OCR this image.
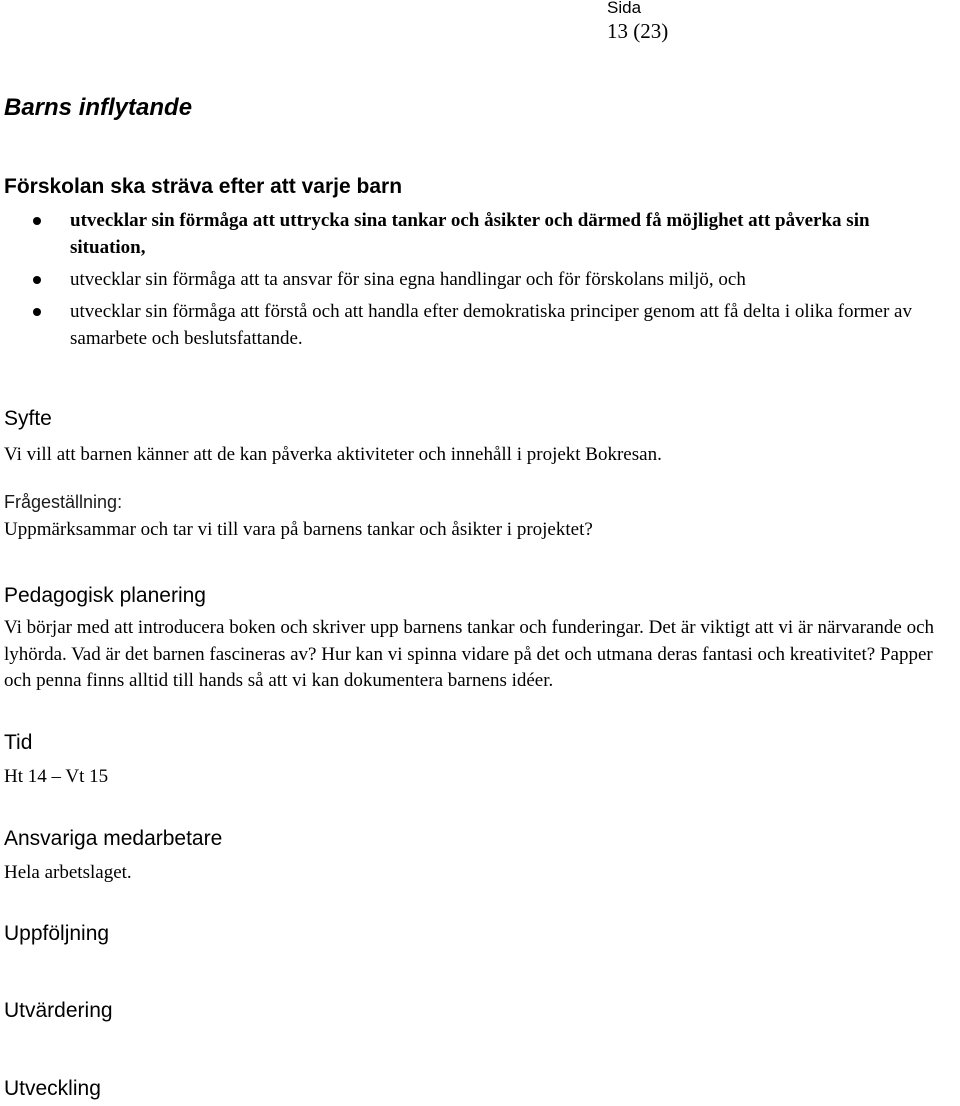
Sida
13 (23)
Barns inflytande
Förskolan ska sträva efter att varje barn
utvecklar sin förmåga att uttrycka sina tankar och åsikter och därmed få möjlighet att påverka sin situation,
utvecklar sin förmåga att ta ansvar för sina egna handlingar och för förskolans miljö, och
utvecklar sin förmåga att förstå och att handla efter demokratiska principer genom att få delta i olika former av samarbete och beslutsfattande.
Syfte
Vi vill att barnen känner att de kan påverka aktiviteter och innehåll i projekt Bokresan.
Frågeställning:
Uppmärksammar och tar vi till vara på barnens tankar och åsikter i projektet?
Pedagogisk planering
Vi börjar med att introducera boken och skriver upp barnens tankar och funderingar. Det är viktigt att vi är närvarande och lyhörda. Vad är det barnen fascineras av? Hur kan vi spinna vidare på det och utmana deras fantasi och kreativitet? Papper och penna finns alltid till hands så att vi kan dokumentera barnens idéer.
Tid
Ht 14 – Vt 15
Ansvariga medarbetare
Hela arbetslaget.
Uppföljning
Utvärdering
Utveckling
